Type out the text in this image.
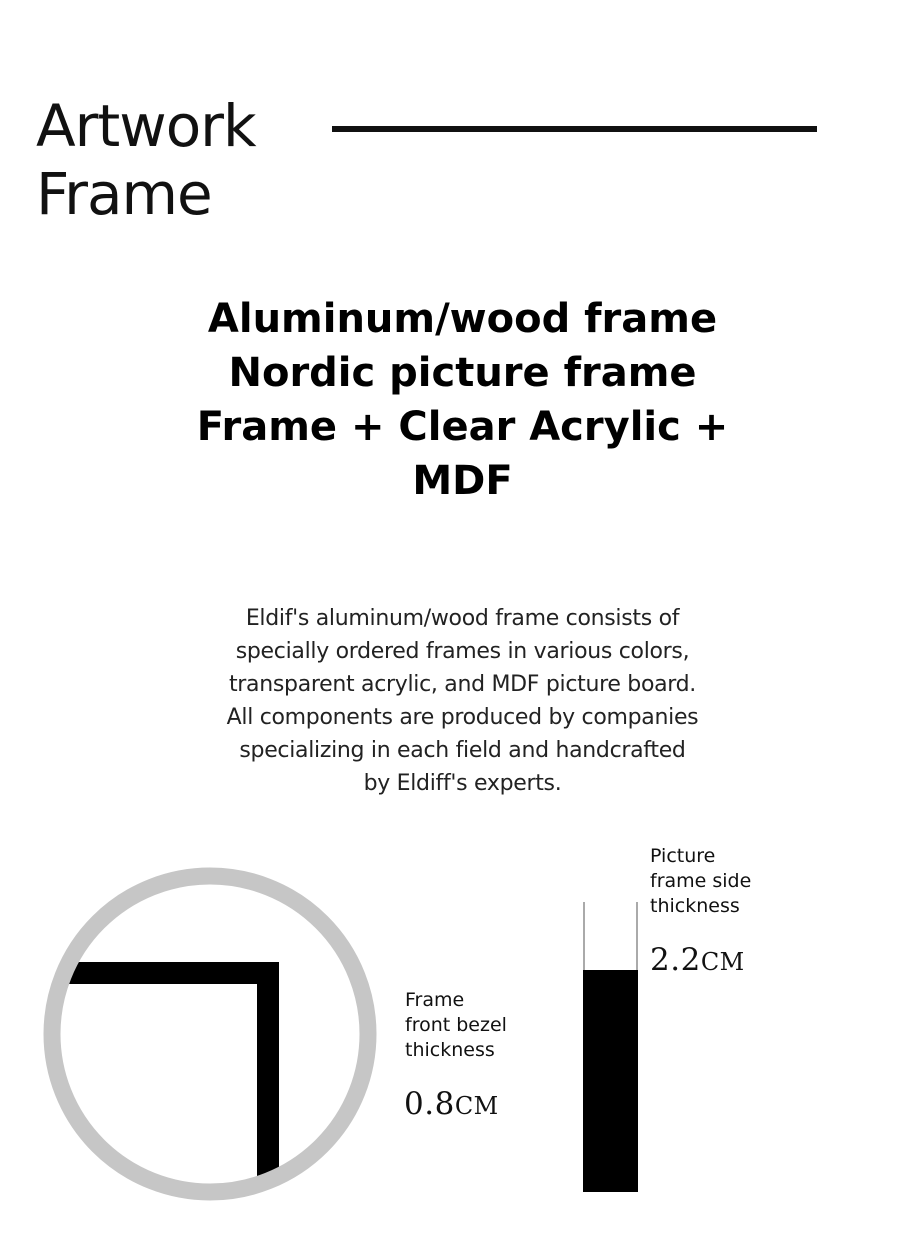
Artwork
Frame
Aluminum/wood frame
Nordic picture frame
Frame + Clear Acrylic +
MDF

Eldif's aluminum/wood frame consists of
specially ordered frames in various colors,
transparent acrylic, and MDF picture board.
All components are produced by companies
specializing in each field and handcrafted
by Eldiff's experts.

Frame
front bezel
thickness

0.8CM

Picture
frame side
thickness

2.2CM
